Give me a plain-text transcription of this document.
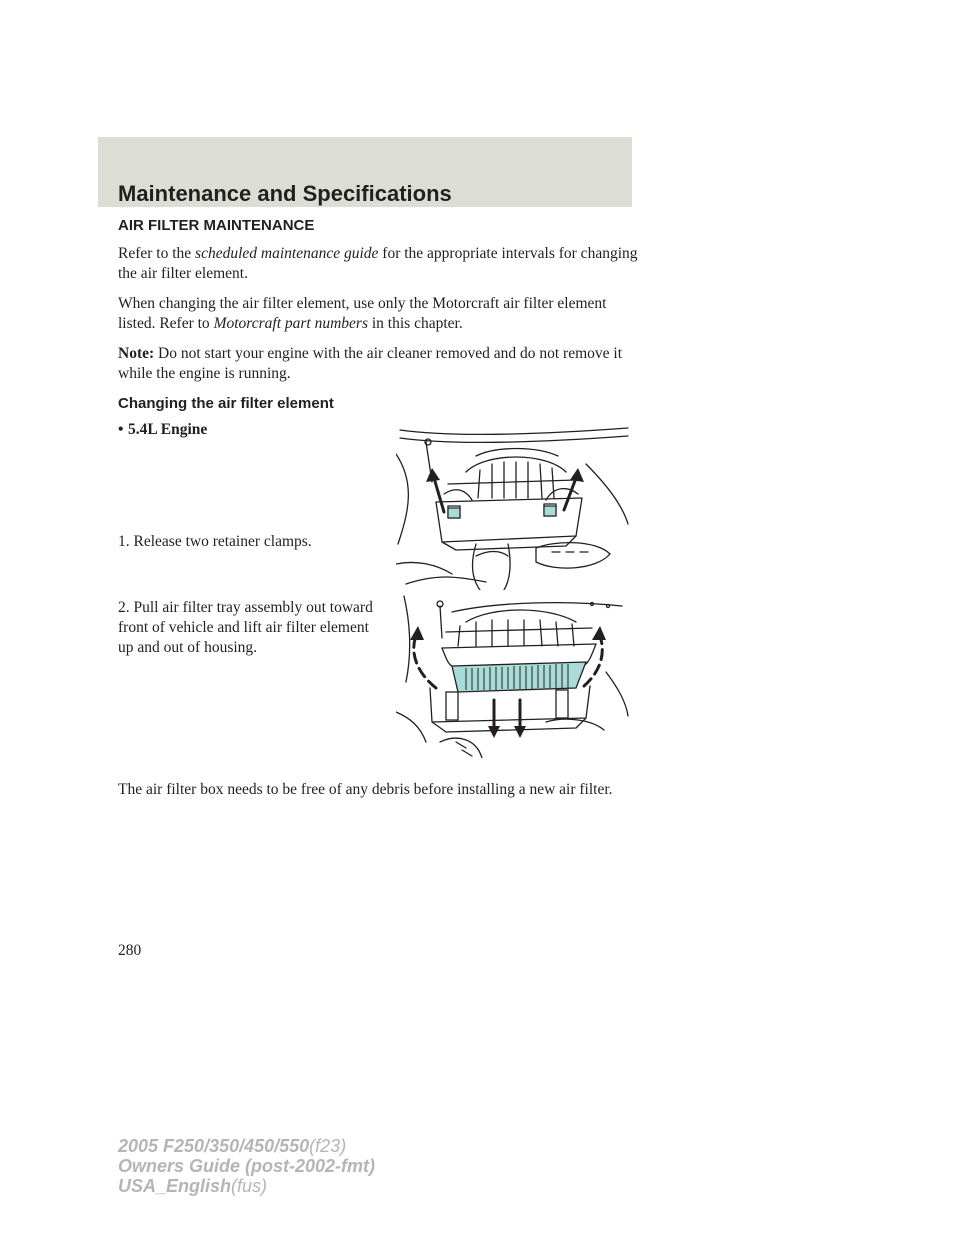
Maintenance and Specifications
AIR FILTER MAINTENANCE

Refer to the scheduled maintenance guide for the appropriate intervals for changing the air filter element.

When changing the air filter element, use only the Motorcraft air filter element listed. Refer to Motorcraft part numbers in this chapter.

Note: Do not start your engine with the air cleaner removed and do not remove it while the engine is running.

Changing the air filter element

• 5.4L Engine

1. Release two retainer clamps.
2. Pull air filter tray assembly out toward front of vehicle and lift air filter element up and out of housing.

The air filter box needs to be free of any debris before installing a new air filter.

280
2005 F250/350/450/550(f23)
Owners Guide (post-2002-fmt)
USA_English(fus)
